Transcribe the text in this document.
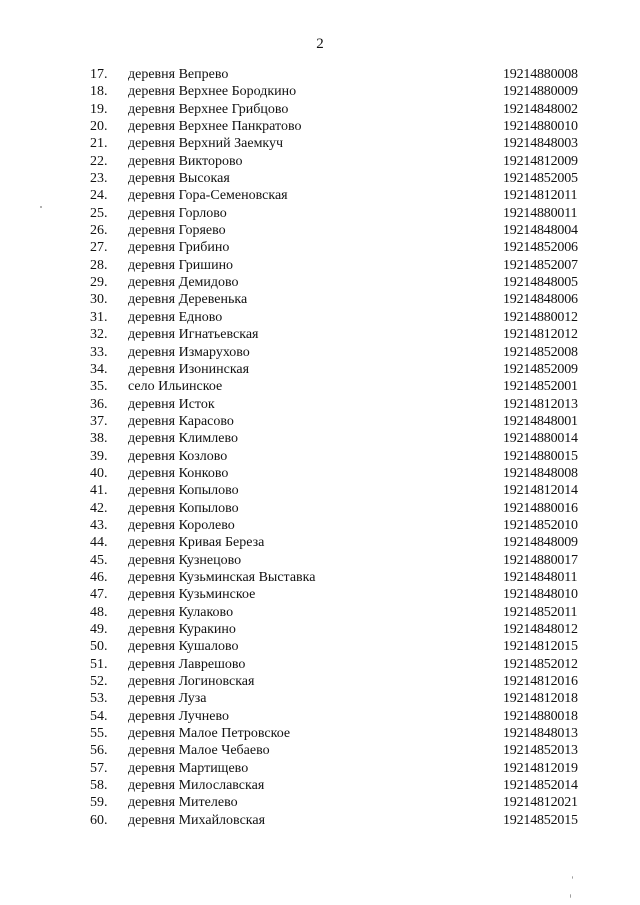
2
17. деревня Вепрево	19214880008
18. деревня Верхнее Бородкино	19214880009
19. деревня Верхнее Грибцово	19214848002
20. деревня Верхнее Панкратово	19214880010
21. деревня Верхний Заемкуч	19214848003
22. деревня Викторово	19214812009
23. деревня Высокая	19214852005
24. деревня Гора-Семеновская	19214812011
25. деревня Горлово	19214880011
26. деревня Горяево	19214848004
27. деревня Грибино	19214852006
28. деревня Гришино	19214852007
29. деревня Демидово	19214848005
30. деревня Деревенька	19214848006
31. деревня Едново	19214880012
32. деревня Игнатьевская	19214812012
33. деревня Измарухово	19214852008
34. деревня Изонинская	19214852009
35. село Ильинское	19214852001
36. деревня Исток	19214812013
37. деревня Карасово	19214848001
38. деревня Климлево	19214880014
39. деревня Козлово	19214880015
40. деревня Конково	19214848008
41. деревня Копылово	19214812014
42. деревня Копылово	19214880016
43. деревня Королево	19214852010
44. деревня Кривая Береза	19214848009
45. деревня Кузнецово	19214880017
46. деревня Кузьминская Выставка	19214848011
47. деревня Кузьминское	19214848010
48. деревня Кулаково	19214852011
49. деревня Куракино	19214848012
50. деревня Кушалово	19214812015
51. деревня Лаврешово	19214852012
52. деревня Логиновская	19214812016
53. деревня Луза	19214812018
54. деревня Лучнево	19214880018
55. деревня Малое Петровское	19214848013
56. деревня Малое Чебаево	19214852013
57. деревня Мартищево	19214812019
58. деревня Милославская	19214852014
59. деревня Мителево	19214812021
60. деревня Михайловская	19214852015
